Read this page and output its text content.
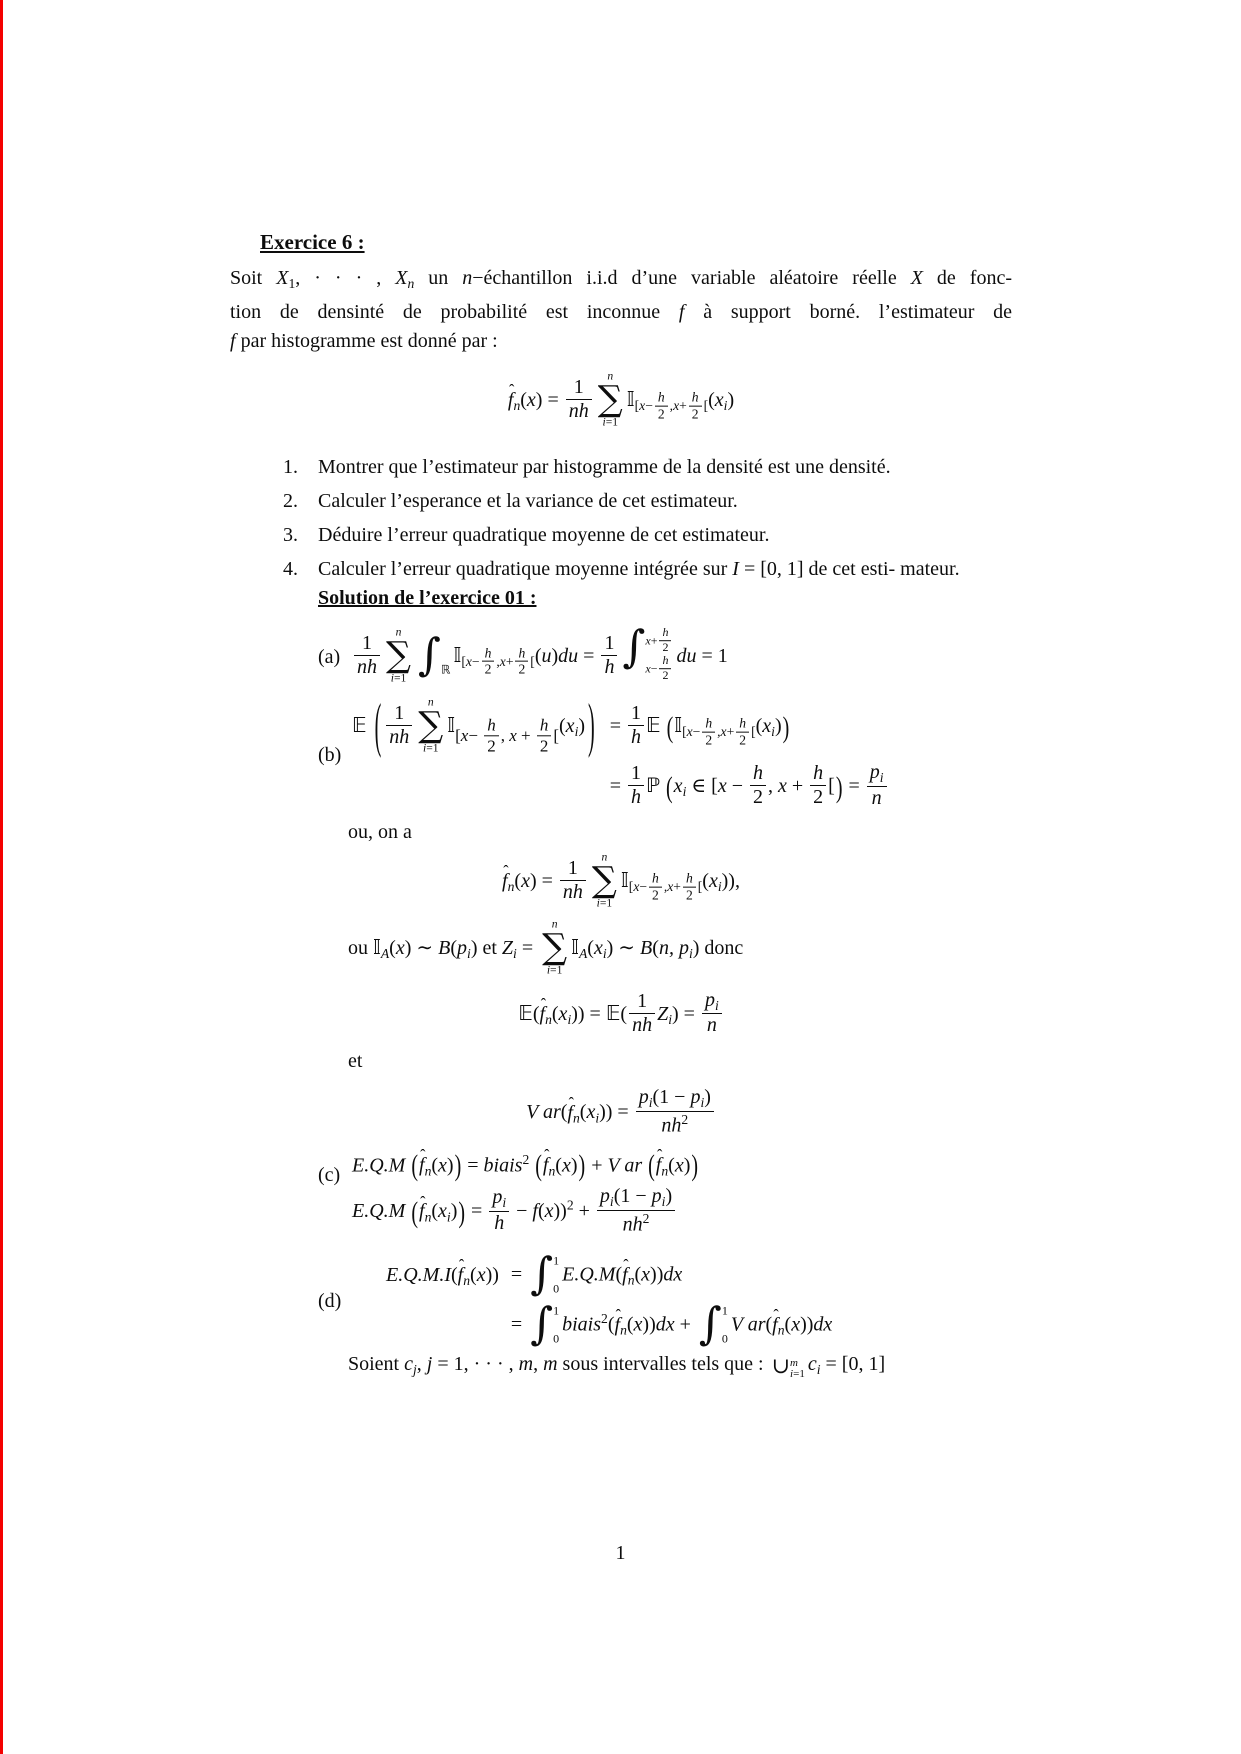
Exercice 6 :
Soit $X_1$, · · · , $X_n$ un n−échantillon i.i.d d’une variable aléatoire réelle X de fonc-
tion de densinté de probabilité est inconnue f à support borné. l’estimateur de
f par histogramme est donné par :
f ˆ$_n$(x) = $\frac{1}{nh}$ n
∑
i=1
$𝕀_{[x- \frac{h}{2} ,x+ \frac{h}{2} [}(x_i)$
1.	Montrer que l’estimateur par histogramme de la densité est une densité.
2.	Calculer l’esperance et la variance de cet estimateur.
3.	Déduire l’erreur quadratique moyenne de cet estimateur.
4.	Calculer l’erreur quadratique moyenne intégrée sur I = [0, 1] de cet esti- mateur. Solution de l’exercice 01 :
$(a) \frac{1}{nh}$ n
∑
i=1 ∫ ℝ
𝕀$_{[x- \frac{h}{2} ,x+ \frac{h}{2} [}$(u)du = $\frac{1}{h}$ ∫ $x+ \frac{h}{2}$
$x- \frac{h}{2}$ du = 1
(b)
𝔼 ( $\frac{1}{nh}$ n
∑
i=1
$𝕀_{[x- \frac{h}{2} , x + \frac{h}{2} [}(x_i)$ ) = $\frac{1}{h}$ 𝔼 $(𝕀_{[x- \frac{h}{2} ,x+ \frac{h}{2} [}(x_i))$
= $\frac{1}{h}$ ℙ ($x_i$ ∈ [$x - \frac{h}{2}$ , $x + \frac{h}{2}$ [) = $\frac{p_i}{n}$
ou, on a
f ˆ$_n$(x) = $\frac{1}{nh}$ n
∑
i=1
$𝕀_{[x- \frac{h}{2} ,x+ \frac{h}{2} [}(x_i)$),
ou 𝕀$_A$(x) ∼ $B(p_i)$ et $Z_i$ =
n
∑
i=1
$𝕀_A(x_i)$ ∼ B(n, $p_i$) donc
𝔼(f $ˆ_n(x_i)$) = 𝔼( $\frac{1}{nh} Z_i) = \frac{p_i}{n}$
et
V ar(f $ˆ_n(x_i)) = \frac{p_i(1 - p_i)}{nh^2}$
(c) E.Q.M (f ˆ$_n$(x)) = biais$^2$ (f ˆ$_n$(x)) + V ar (f ˆ$_n$(x))
E.Q.M (f $ˆ_n(x_i)) = \frac{p_i}{h} - f(x))^2 + \frac{p_i(1 - p_i)}{nh^2}$
(d)
E.Q.M.I(f ˆ$_n$(x)) = ∫ 1
0
E.Q.M(f ˆ$_n$(x))dx
= ∫ 1
0
biais$^2$(f ˆ$_n$(x))dx + ∫ 1
0
V ar(f ˆ$_n$(x))dx
Soient $c_j$, j = 1, · · · , m, m sous intervalles tels que : ∪ m
i=1 $c_i = [0$, 1]
1
